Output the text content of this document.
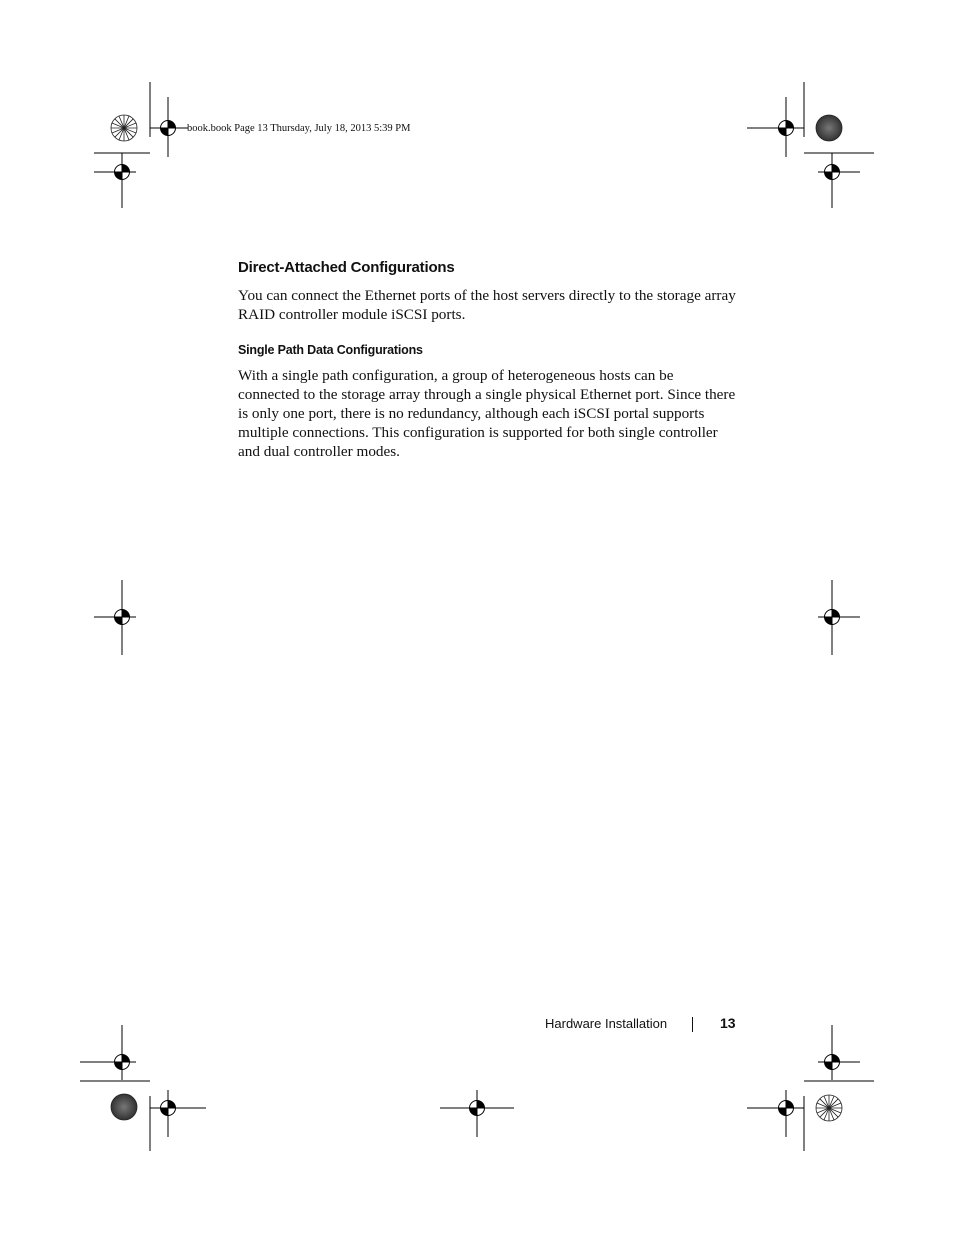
book.book Page 13 Thursday, July 18, 2013 5:39 PM
Direct-Attached Configurations

You can connect the Ethernet ports of the host servers directly to the storage array RAID controller module iSCSI ports.

Single Path Data Configurations

With a single path configuration, a group of heterogeneous hosts can be connected to the storage array through a single physical Ethernet port. Since there is only one port, there is no redundancy, although each iSCSI portal supports multiple connections. This configuration is supported for both single controller and dual controller modes.

Hardware Installation	13
